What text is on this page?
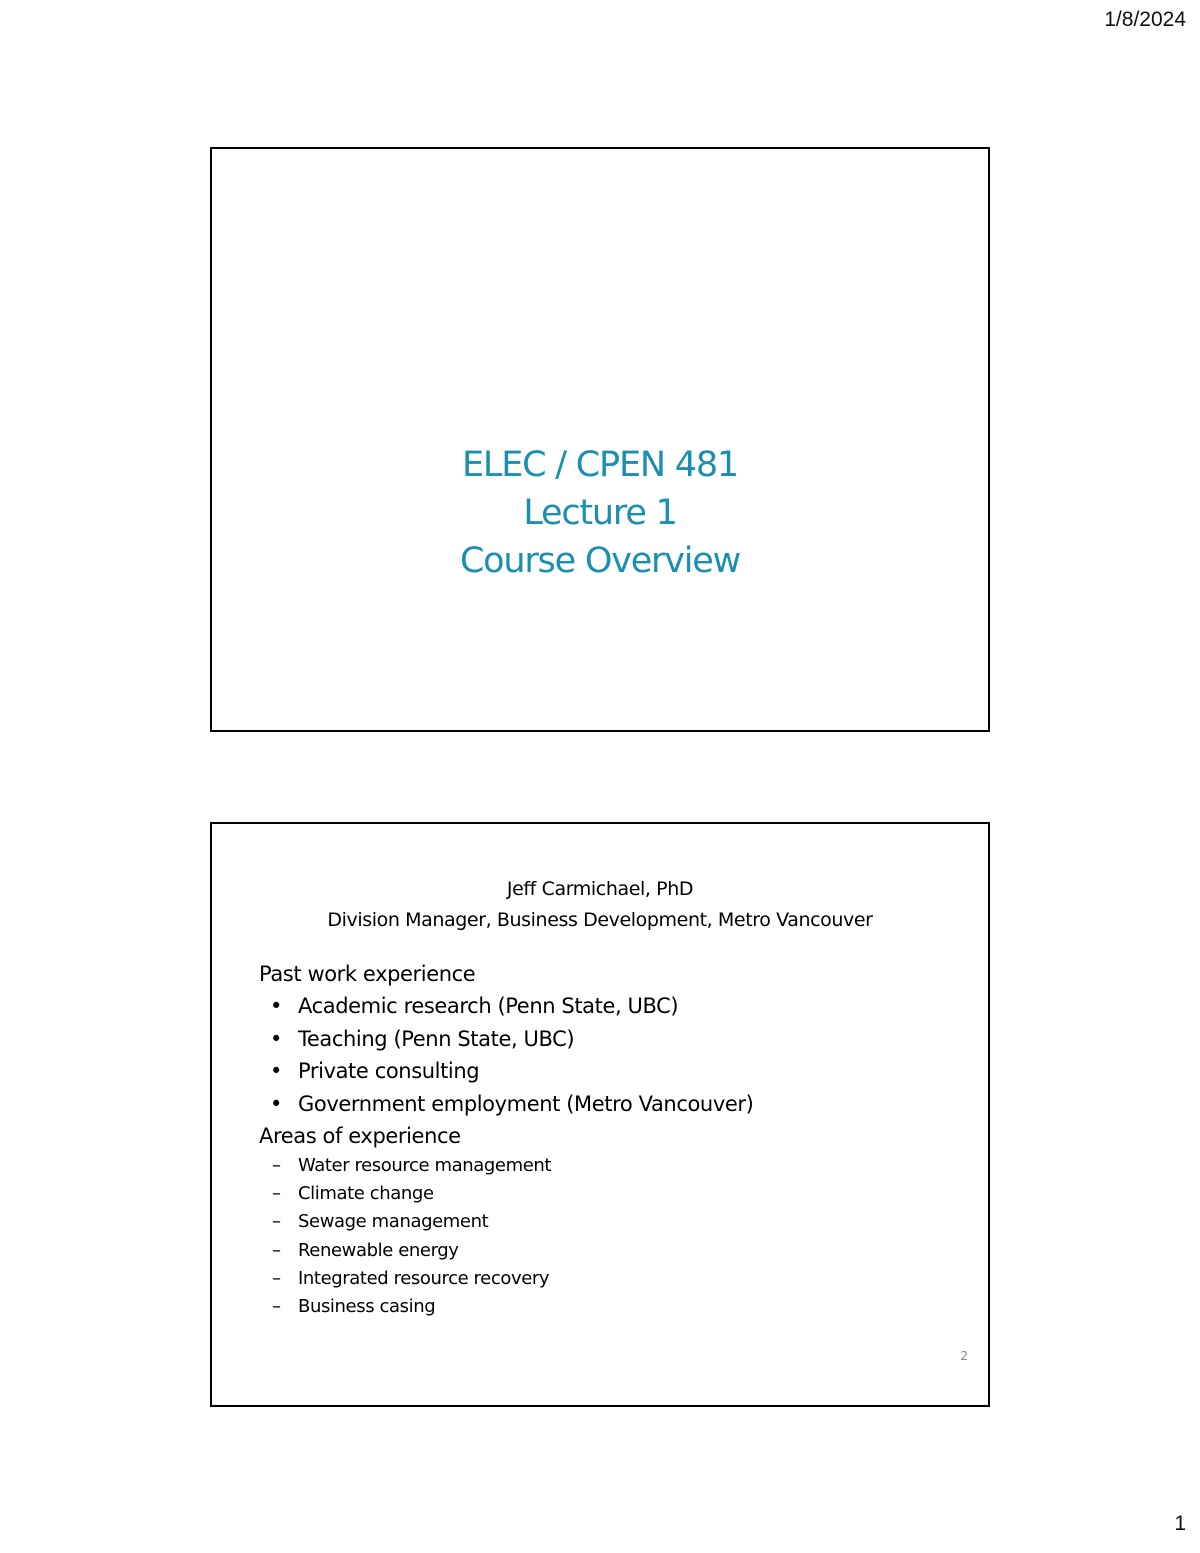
1/8/2024
ELEC / CPEN 481
Lecture 1
Course Overview
Jeff Carmichael, PhD
Division Manager, Business Development, Metro Vancouver
Past work experience
• Academic research (Penn State, UBC)
• Teaching (Penn State, UBC)
• Private consulting
• Government employment (Metro Vancouver)
Areas of experience
– Water resource management
– Climate change
– Sewage management
– Renewable energy
– Integrated resource recovery
– Business casing
2
1
